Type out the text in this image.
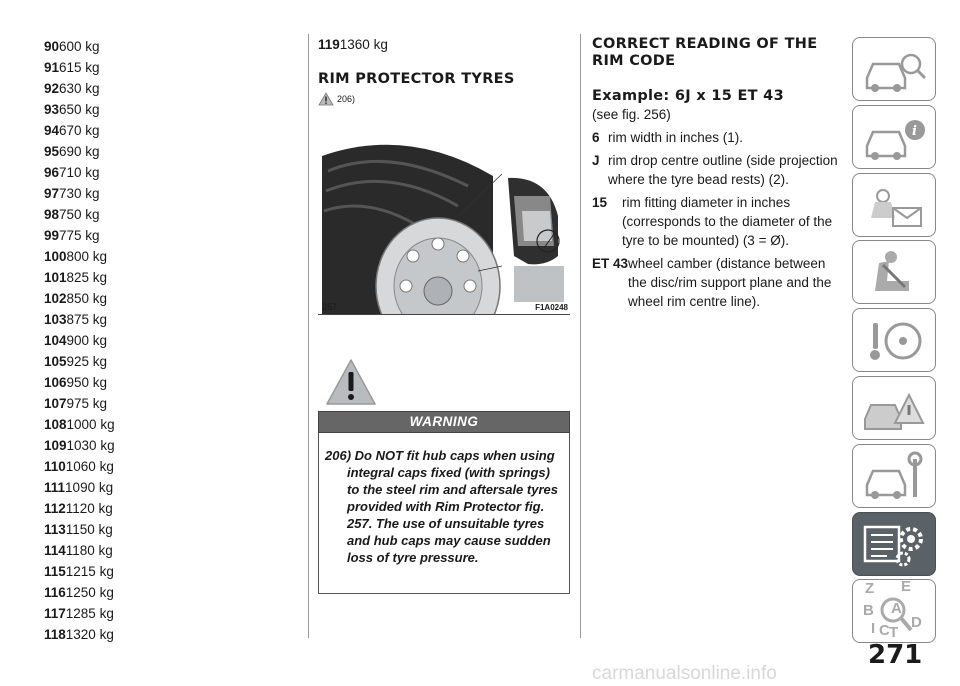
90600 kg
91615 kg
92630 kg
93650 kg
94670 kg
95690 kg
96710 kg
97730 kg
98750 kg
99775 kg
100800 kg
101825 kg
102850 kg
103875 kg
104900 kg
105925 kg
106950 kg
107975 kg
1081000 kg
1091030 kg
1101060 kg
1111090 kg
1121120 kg
1131150 kg
1141180 kg
1151215 kg
1161250 kg
1171285 kg
1181320 kg
1191360 kg
RIM PROTECTOR TYRES
206)
257	F1A0248
WARNING
206) Do NOT fit hub caps when using integral caps fixed (with springs) to the steel rim and aftersale tyres provided with Rim Protector fig. 257. The use of unsuitable tyres and hub caps may cause sudden loss of tyre pressure.
CORRECT READING OF THE RIM CODE
Example: 6J x 15 ET 43
(see fig. 256)
6 rim width in inches (1).
J rim drop centre outline (side projection where the tyre bead rests) (2).
15 rim fitting diameter in inches (corresponds to the diameter of the tyre to be mounted) (3 = Ø).
ET 43wheel camber (distance between the disc/rim support plane and the wheel rim centre line).
i
Z E
A
B
C D
I T
271
carmanualsonline.info
